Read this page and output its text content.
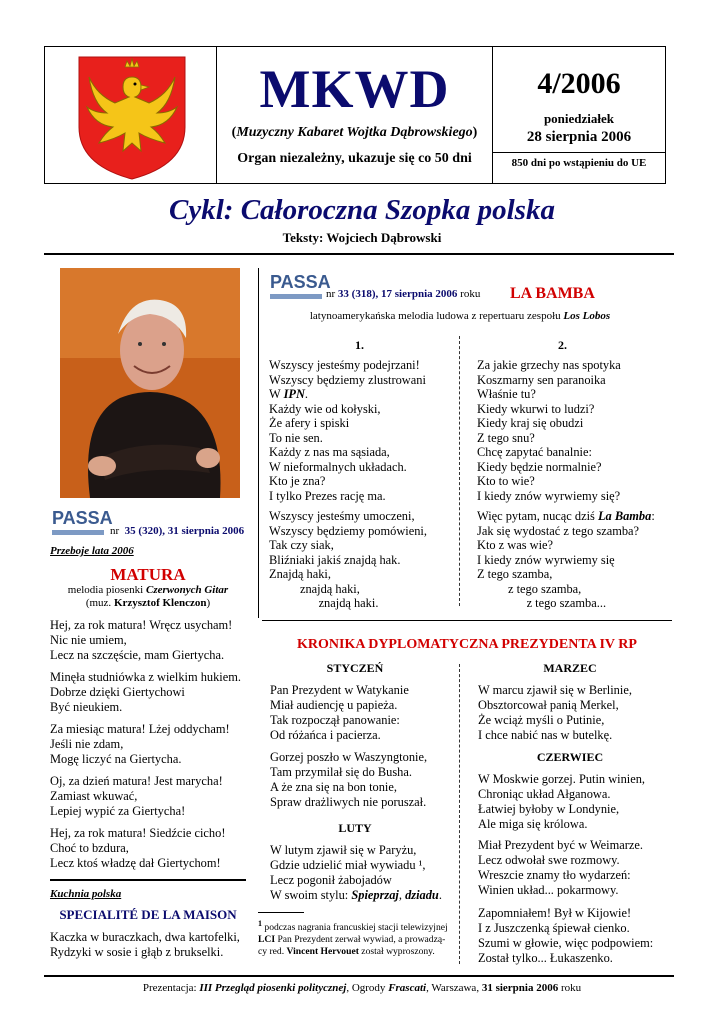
MKWD
(Muzyczny Kabaret Wojtka Dąbrowskiego)
Organ niezależny, ukazuje się co 50 dni
4/2006
poniedziałek
28 sierpnia 2006
850 dni po wstąpieniu do UE
Cykl: Całoroczna Szopka polska
Teksty: Wojciech Dąbrowski
PASSA
nr 35 (320), 31 sierpnia 2006
Przeboje lata 2006
MATURA
melodia piosenki Czerwonych Gitar
(muz. Krzysztof Klenczon)
Hej, za rok matura! Wręcz usycham!
Nic nie umiem,
Lecz na szczęście, mam Giertycha.
Minęła studniówka z wielkim hukiem.
Dobrze dzięki Giertychowi
Być nieukiem.
Za miesiąc matura! Lżej oddycham!
Jeśli nie zdam,
Mogę liczyć na Giertycha.
Oj, za dzień matura! Jest marycha!
Zamiast wkuwać,
Lepiej wypić za Giertycha!
Hej, za rok matura! Siedźcie cicho!
Choć to bzdura,
Lecz ktoś władzę dał Giertychom!
Kuchnia polska
SPECIALITÉ DE LA MAISON
Kaczka w buraczkach, dwa kartofelki,
Rydzyki w sosie i głąb z brukselki.
PASSA
nr 33 (318), 17 sierpnia 2006 roku LA BAMBA
latynoamerykańska melodia ludowa z repertuaru zespołu Los Lobos
1.	2.
Wszyscy jesteśmy podejrzani!
Wszyscy będziemy zlustrowani
W IPN.
Każdy wie od kołyski,
Że afery i spiski
To nie sen.
Każdy z nas ma sąsiada,
W nieformalnych układach.
Kto je zna?
I tylko Prezes rację ma.
Wszyscy jesteśmy umoczeni,
Wszyscy będziemy pomówieni,
Tak czy siak,
Bliźniaki jakiś znajdą hak.
Znajdą haki,
znajdą haki,
znajdą haki.
Za jakie grzechy nas spotyka
Koszmarny sen paranoika
Właśnie tu?
Kiedy wkurwi to ludzi?
Kiedy kraj się obudzi
Z tego snu?
Chcę zapytać banalnie:
Kiedy będzie normalnie?
Kto to wie?
I kiedy znów wyrwiemy się?
Więc pytam, nucąc dziś La Bamba:
Jak się wydostać z tego szamba?
Kto z was wie?
I kiedy znów wyrwiemy się
Z tego szamba,
z tego szamba,
z tego szamba...
KRONIKA DYPLOMATYCZNA PREZYDENTA IV RP
STYCZEŃ
Pan Prezydent w Watykanie
Miał audiencję u papieża.
Tak rozpoczął panowanie:
Od różańca i pacierza.
Gorzej poszło w Waszyngtonie,
Tam przymilał się do Busha.
A że zna się na bon tonie,
Spraw drażliwych nie poruszał.
LUTY
W lutym zjawił się w Paryżu,
Gdzie udzielić miał wywiadu ¹,
Lecz pogonił żabojadów
W swoim stylu: Spieprzaj, dziadu.
$^1$ podczas nagrania francuskiej stacji telewizyjnej
LCI Pan Prezydent zerwał wywiad, a prowadzą-
cy red. Vincent Hervouet został wyproszony.
MARZEC
W marcu zjawił się w Berlinie,
Obsztorcował panią Merkel,
Że wciąż myśli o Putinie,
I chce nabić nas w butelkę.
CZERWIEC
W Moskwie gorzej. Putin winien,
Chroniąc układ Ałganowa.
Łatwiej byłoby w Londynie,
Ale miga się królowa.
Miał Prezydent być w Weimarze.
Lecz odwołał swe rozmowy.
Wreszcie znamy tło wydarzeń:
Winien układ... pokarmowy.
Zapomniałem! Był w Kijowie!
I z Juszczenką śpiewał cienko.
Szumi w głowie, więc podpowiem:
Został tylko... Łukaszenko.
Prezentacja: III Przegląd piosenki politycznej, Ogrody Frascati, Warszawa, 31 sierpnia 2006 roku
